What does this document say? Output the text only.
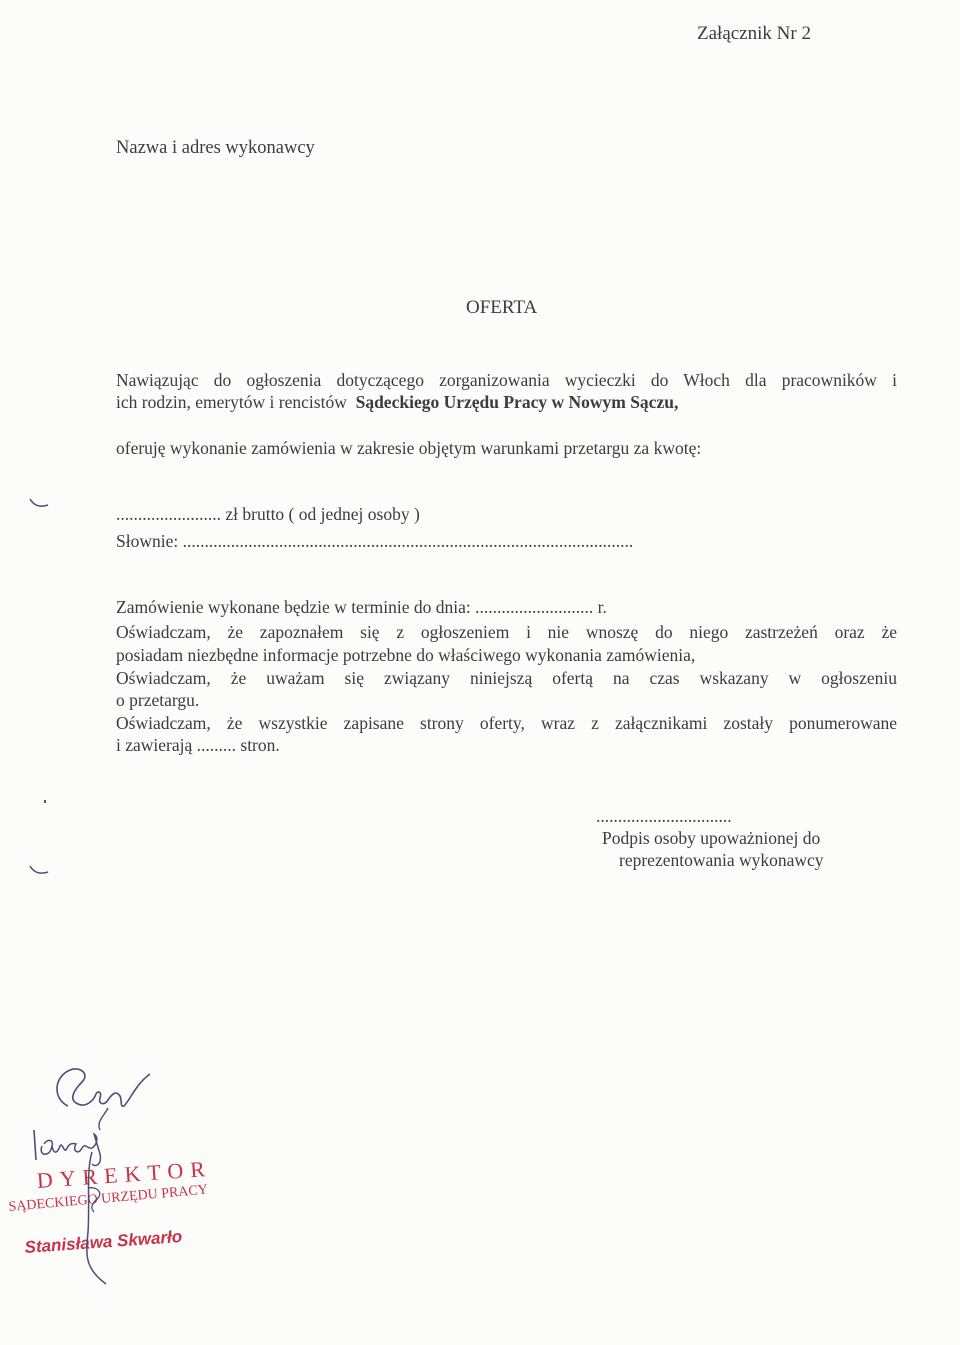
Załącznik Nr 2
Nazwa i adres wykonawcy
OFERTA
Nawiązując do ogłoszenia dotyczącego zorganizowania wycieczki do Włoch dla pracowników i
ich rodzin, emerytów i rencistów Sądeckiego Urzędu Pracy w Nowym Sączu,
oferuję wykonanie zamówienia w zakresie objętym warunkami przetargu za kwotę:
........................ zł brutto ( od jednej osoby )
Słownie: .......................................................................................................
Zamówienie wykonane będzie w terminie do dnia: ........................... r.
Oświadczam, że zapoznałem się z ogłoszeniem i nie wnoszę do niego zastrzeżeń oraz że
posiadam niezbędne informacje potrzebne do właściwego wykonania zamówienia,
Oświadczam, że uważam się związany niniejszą ofertą na czas wskazany w ogłoszeniu
o przetargu.
Oświadczam, że wszystkie zapisane strony oferty, wraz z załącznikami zostały ponumerowane
i zawierają ......... stron.
...............................
Podpis osoby upoważnionej do
reprezentowania wykonawcy
DYREKTOR
SĄDECKIEGO URZĘDU PRACY
Stanisława Skwarło
